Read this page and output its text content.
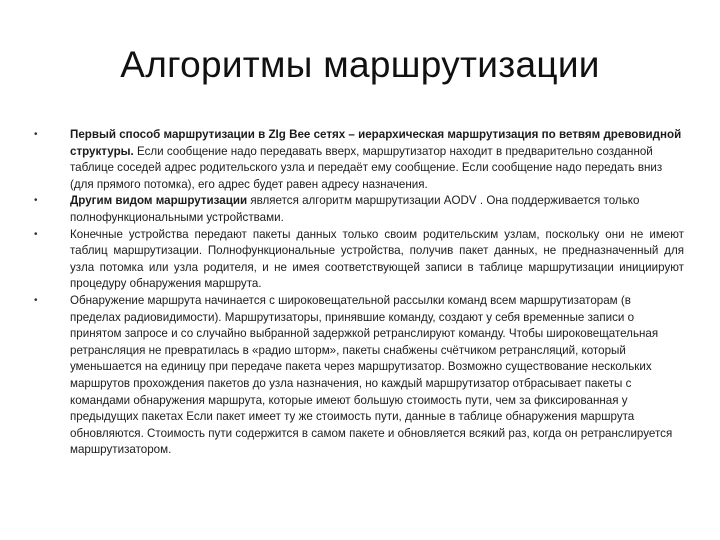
Алгоритмы маршрутизации
•	Первый способ маршрутизации в ZIg Bee сетях – иерархическая маршрутизация по ветвям древовидной структуры. Если сообщение надо передавать вверх, маршрутизатор находит в предварительно созданной таблице соседей адрес родительского узла и передаёт ему сообщение. Если сообщение надо передать вниз (для прямого потомка), его адрес будет равен адресу назначения.
•	Другим видом маршрутизации является алгоритм маршрутизации AODV . Она поддерживается только полнофункциональными устройствами.
•	Конечные устройства передают пакеты данных только своим родительским узлам, поскольку они не имеют таблиц маршрутизации. Полнофункциональные устройства, получив пакет данных, не предназначенный для узла потомка или узла родителя, и не имея соответствующей записи в таблице маршрутизации инициируют процедуру обнаружения маршрута.
•	Обнаружение маршрута начинается с широковещательной рассылки команд всем маршрутизаторам (в пределах радиовидимости). Маршрутизаторы, принявшие команду, создают у себя временные записи о принятом запросе и со случайно выбранной задержкой ретранслируют команду. Чтобы широковещательная ретрансляция не превратилась в «радио шторм», пакеты снабжены счётчиком ретрансляций, который уменьшается на единицу при передаче пакета через маршрутизатор. Возможно существование нескольких маршрутов прохождения пакетов до узла назначения, но каждый маршрутизатор отбрасывает пакеты с командами обнаружения маршрута, которые имеют большую стоимость пути, чем за фиксированная у предыдущих пакетах Если пакет имеет ту же стоимость пути, данные в таблице обнаружения маршрута обновляются. Стоимость пути содержится в самом пакете и обновляется всякий раз, когда он ретранслируется маршрутизатором.
